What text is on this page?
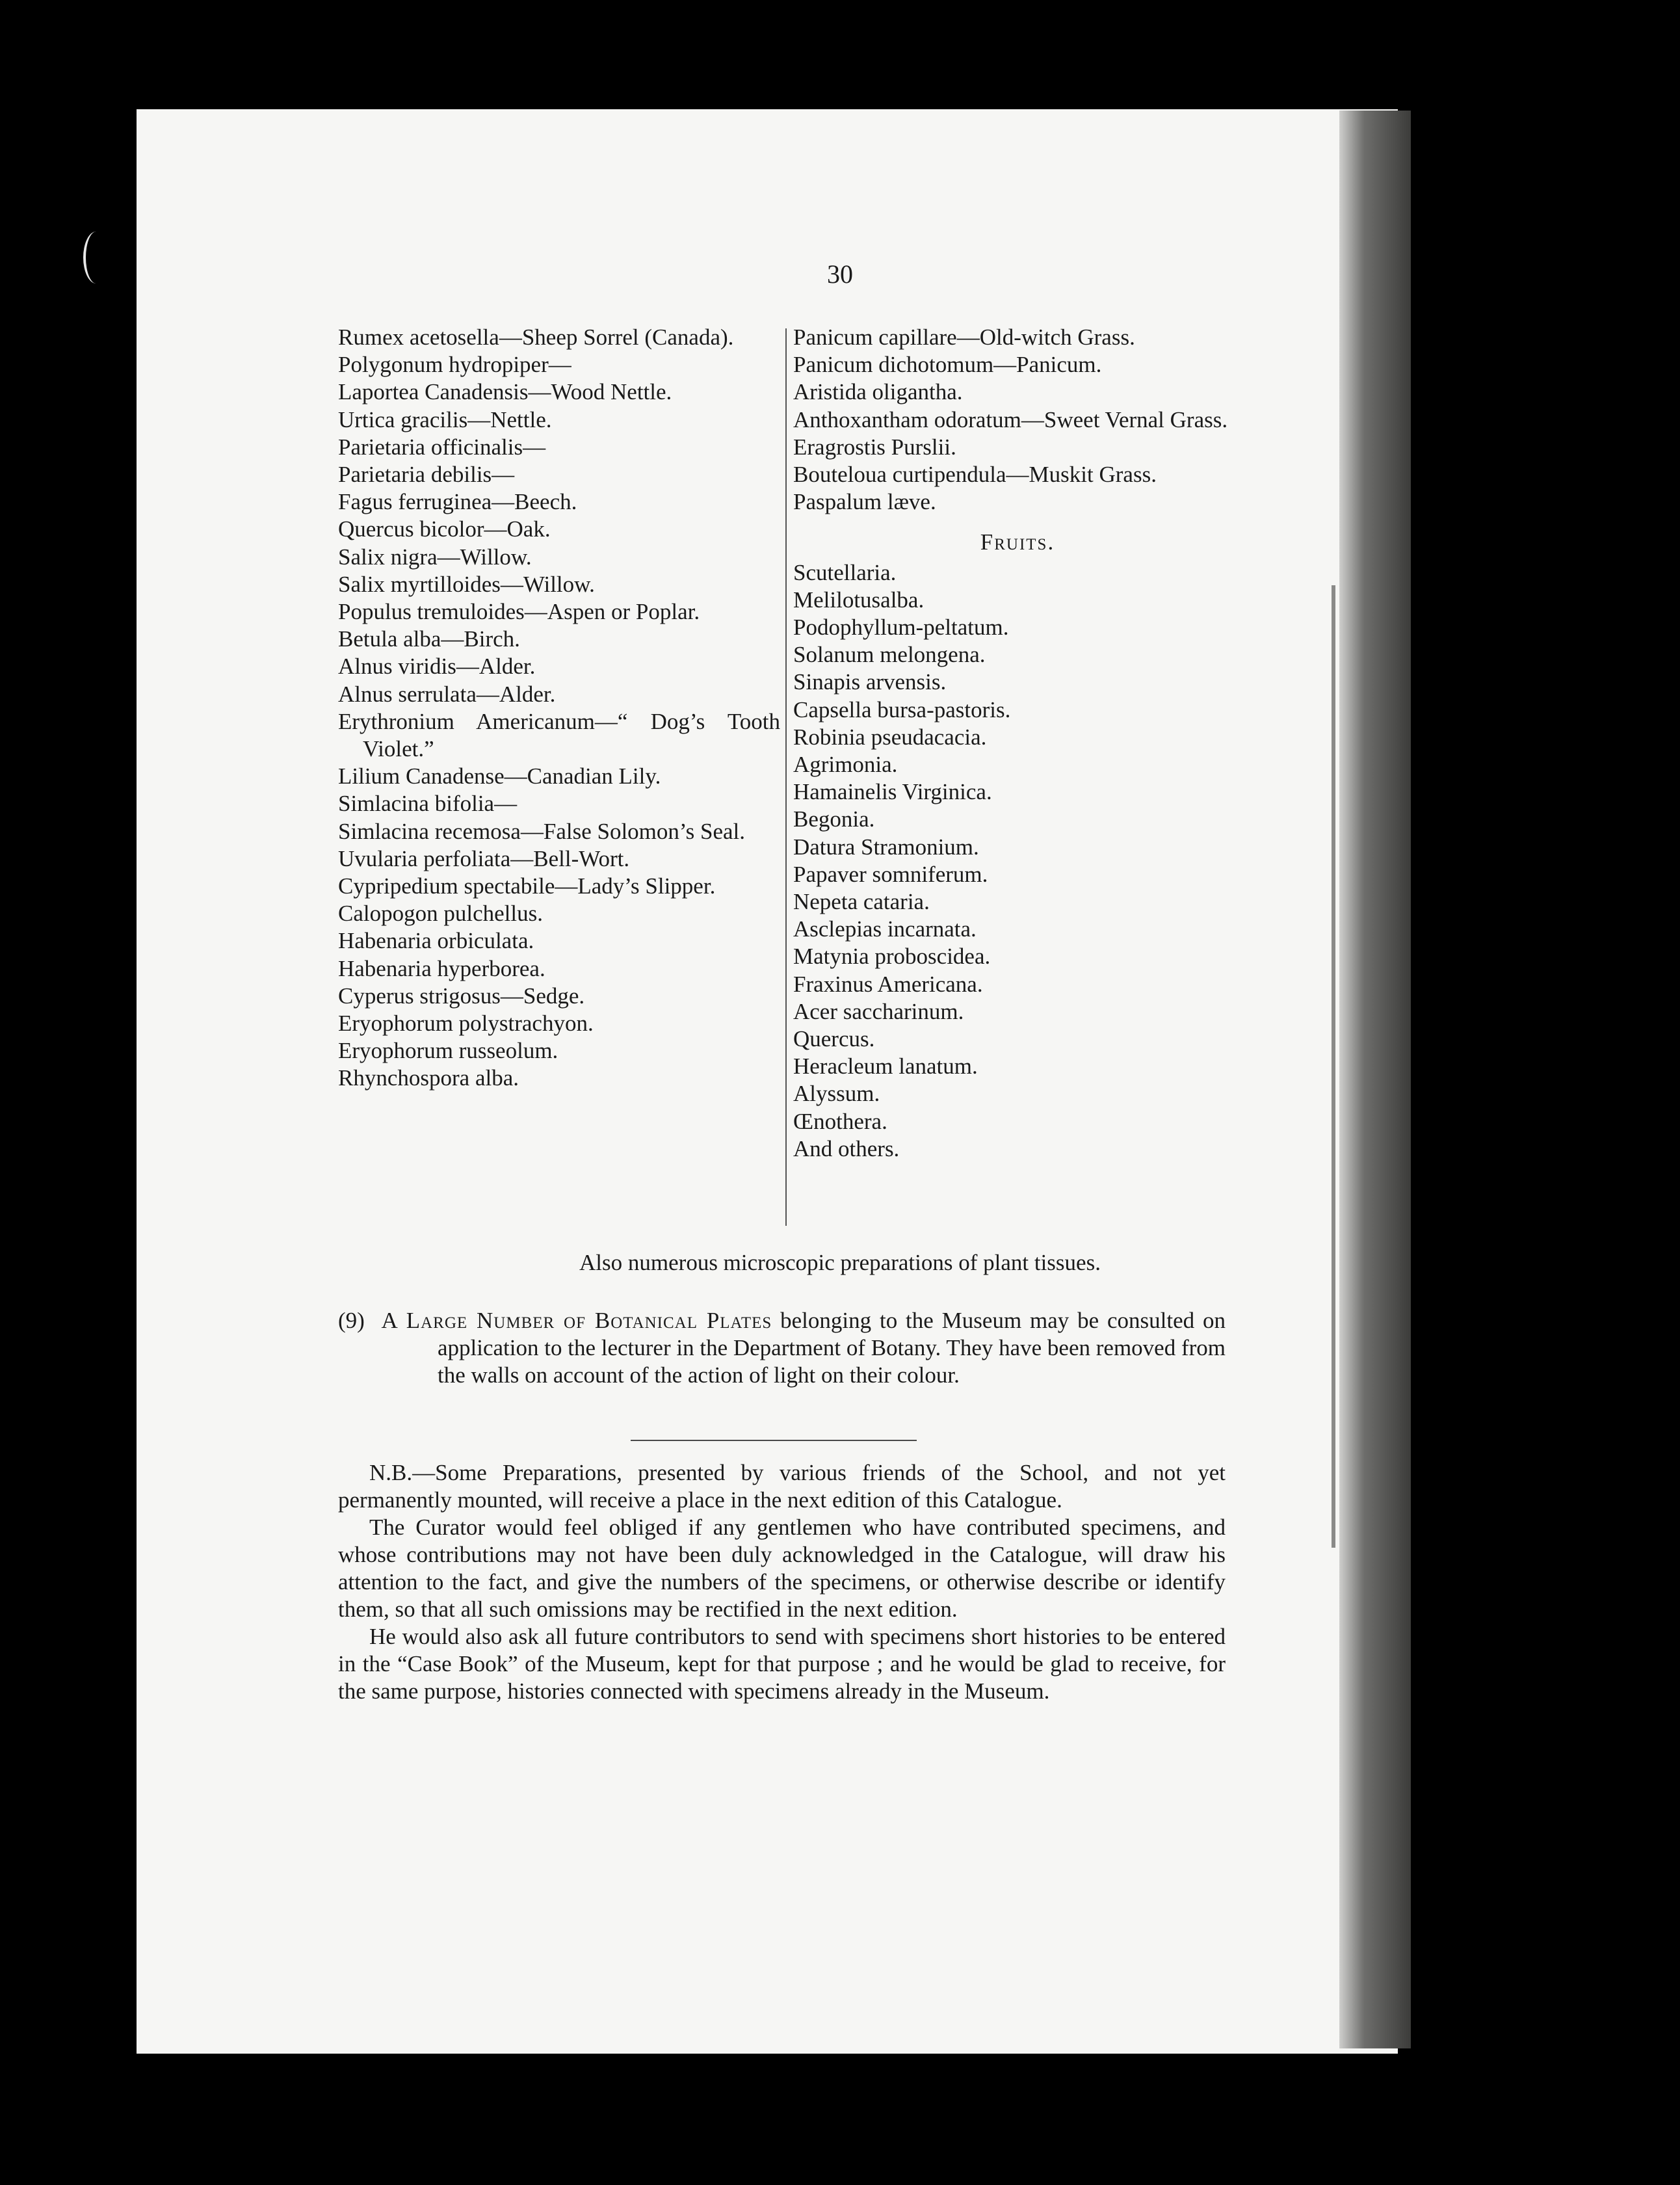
30

Rumex acetosella—Sheep Sorrel (Canada).

Polygonum hydropiper—

Laportea Canadensis—Wood Nettle.

Urtica gracilis—Nettle.

Parietaria officinalis—

Parietaria debilis—

Fagus ferruginea—Beech.

Quercus bicolor—Oak.

Salix nigra—Willow.

Salix myrtilloides—Willow.

Populus tremuloides—Aspen or Poplar.

Betula alba—Birch.

Alnus viridis—Alder.

Alnus serrulata—Alder.

Erythronium Americanum—“ Dog’s Tooth Violet.”

Lilium Canadense—Canadian Lily.

Simlacina bifolia—

Simlacina recemosa—False Solomon’s Seal.

Uvularia perfoliata—Bell-Wort.

Cypripedium spectabile—Lady’s Slipper.

Calopogon pulchellus.

Habenaria orbiculata.

Habenaria hyperborea.

Cyperus strigosus—Sedge.

Eryophorum polystrachyon.

Eryophorum russeolum.

Rhynchospora alba.

Panicum capillare—Old-witch Grass.

Panicum dichotomum—Panicum.

Aristida oligantha.

Anthoxantham odoratum—Sweet Vernal Grass.

Eragrostis Purslii.

Bouteloua curtipendula—Muskit Grass.

Paspalum læve.

Fruits.

Scutellaria.

Melilotusalba.

Podophyllum-peltatum.

Solanum melongena.

Sinapis arvensis.

Capsella bursa-pastoris.

Robinia pseudacacia.

Agrimonia.

Hamainelis Virginica.

Begonia.

Datura Stramonium.

Papaver somniferum.

Nepeta cataria.

Asclepias incarnata.

Matynia proboscidea.

Fraxinus Americana.

Acer saccharinum.

Quercus.

Heracleum lanatum.

Alyssum.

Œnothera.

And others.

Also numerous microscopic preparations of plant tissues.
(9) A Large Number of Botanical Plates belonging to the Museum may be consulted on application to the lecturer in the Department of Botany. They have been removed from the walls on account of the action of light on their colour.

N.B.—Some Preparations, presented by various friends of the School, and not yet permanently mounted, will receive a place in the next edition of this Catalogue.

The Curator would feel obliged if any gentlemen who have contributed specimens, and whose contributions may not have been duly acknowledged in the Catalogue, will draw his attention to the fact, and give the numbers of the specimens, or otherwise describe or identify them, so that all such omissions may be rectified in the next edition.

He would also ask all future contributors to send with specimens short histories to be entered in the “Case Book” of the Museum, kept for that purpose ; and he would be glad to receive, for the same purpose, histories connected with specimens already in the Museum.
